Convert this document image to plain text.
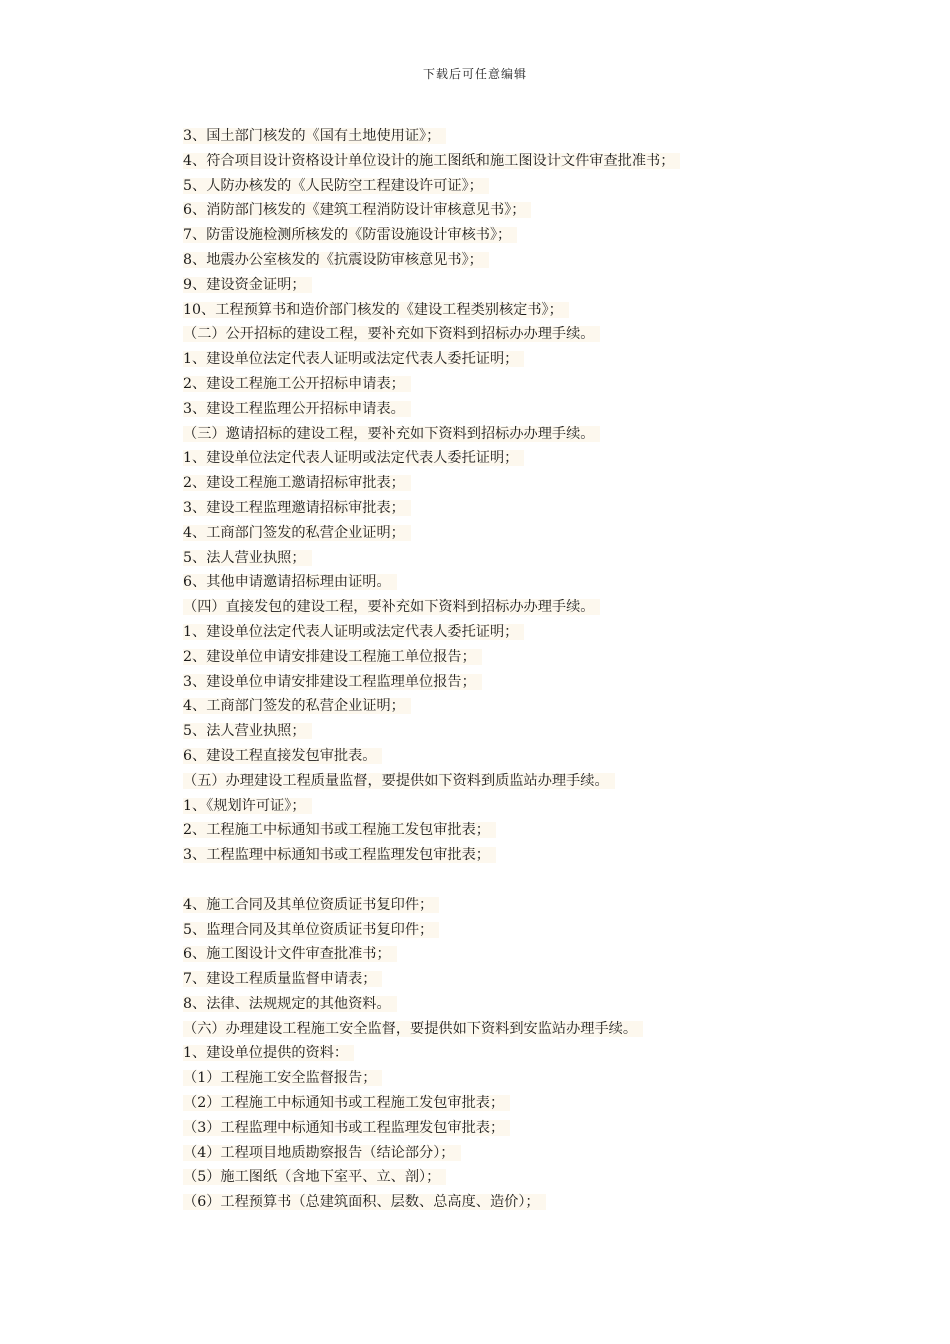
下载后可任意编辑
3、国土部门核发的《国有土地使用证》；
4、符合项目设计资格设计单位设计的施工图纸和施工图设计文件审查批准书；
5、人防办核发的《人民防空工程建设许可证》；
6、消防部门核发的《建筑工程消防设计审核意见书》；
7、防雷设施检测所核发的《防雷设施设计审核书》；
8、地震办公室核发的《抗震设防审核意见书》；
9、建设资金证明；
10、工程预算书和造价部门核发的《建设工程类别核定书》；
（二）公开招标的建设工程，要补充如下资料到招标办办理手续。
1、建设单位法定代表人证明或法定代表人委托证明；
2、建设工程施工公开招标申请表；
3、建设工程监理公开招标申请表。
（三）邀请招标的建设工程，要补充如下资料到招标办办理手续。
1、建设单位法定代表人证明或法定代表人委托证明；
2、建设工程施工邀请招标审批表；
3、建设工程监理邀请招标审批表；
4、工商部门签发的私营企业证明；
5、法人营业执照；
6、其他申请邀请招标理由证明。
（四）直接发包的建设工程，要补充如下资料到招标办办理手续。
1、建设单位法定代表人证明或法定代表人委托证明；
2、建设单位申请安排建设工程施工单位报告；
3、建设单位申请安排建设工程监理单位报告；
4、工商部门签发的私营企业证明；
5、法人营业执照；
6、建设工程直接发包审批表。
（五）办理建设工程质量监督，要提供如下资料到质监站办理手续。
1、《规划许可证》；
2、工程施工中标通知书或工程施工发包审批表；
3、工程监理中标通知书或工程监理发包审批表；
4、施工合同及其单位资质证书复印件；
5、监理合同及其单位资质证书复印件；
6、施工图设计文件审查批准书；
7、建设工程质量监督申请表；
8、法律、法规规定的其他资料。
（六）办理建设工程施工安全监督，要提供如下资料到安监站办理手续。
1、建设单位提供的资料：
（1）工程施工安全监督报告；
（2）工程施工中标通知书或工程施工发包审批表；
（3）工程监理中标通知书或工程监理发包审批表；
（4）工程项目地质勘察报告（结论部分）；
（5）施工图纸（含地下室平、立、剖）；
（6）工程预算书（总建筑面积、层数、总高度、造价）；
